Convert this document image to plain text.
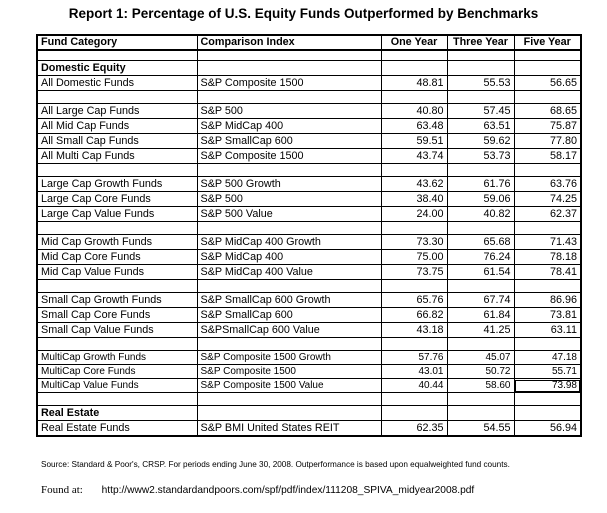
Report 1: Percentage of U.S. Equity Funds Outperformed by Benchmarks
Fund Category	Comparison Index	One Year	Three Year	Five Year

Domestic Equity				
All Domestic Funds	S&P Composite 1500	48.81	55.53	56.65

All Large Cap Funds	S&P 500	40.80	57.45	68.65
All Mid Cap Funds	S&P MidCap 400	63.48	63.51	75.87
All Small Cap Funds	S&P SmallCap 600	59.51	59.62	77.80
All Multi Cap Funds	S&P Composite 1500	43.74	53.73	58.17

Large Cap Growth Funds	S&P 500 Growth	43.62	61.76	63.76
Large Cap Core Funds	S&P 500	38.40	59.06	74.25
Large Cap Value Funds	S&P 500 Value	24.00	40.82	62.37

Mid Cap Growth Funds	S&P MidCap 400 Growth	73.30	65.68	71.43
Mid Cap Core Funds	S&P MidCap 400	75.00	76.24	78.18
Mid Cap Value Funds	S&P MidCap 400 Value	73.75	61.54	78.41

Small Cap Growth Funds	S&P SmallCap 600 Growth	65.76	67.74	86.96
Small Cap Core Funds	S&P SmallCap 600	66.82	61.84	73.81
Small Cap Value Funds	S&PSmallCap 600 Value	43.18	41.25	63.11

MultiCap Growth Funds	S&P Composite 1500 Growth	57.76	45.07	47.18
MultiCap Core Funds	S&P Composite 1500	43.01	50.72	55.71
MultiCap Value Funds	S&P Composite 1500 Value	40.44	58.60	73.98

Real Estate				
Real Estate Funds	S&P BMI United States REIT	62.35	54.55	56.94
Source: Standard & Poor's, CRSP. For periods ending June 30, 2008. Outperformance is based upon equalweighted fund counts.
Found at: http://www2.standardandpoors.com/spf/pdf/index/111208_SPIVA_midyear2008.pdf
